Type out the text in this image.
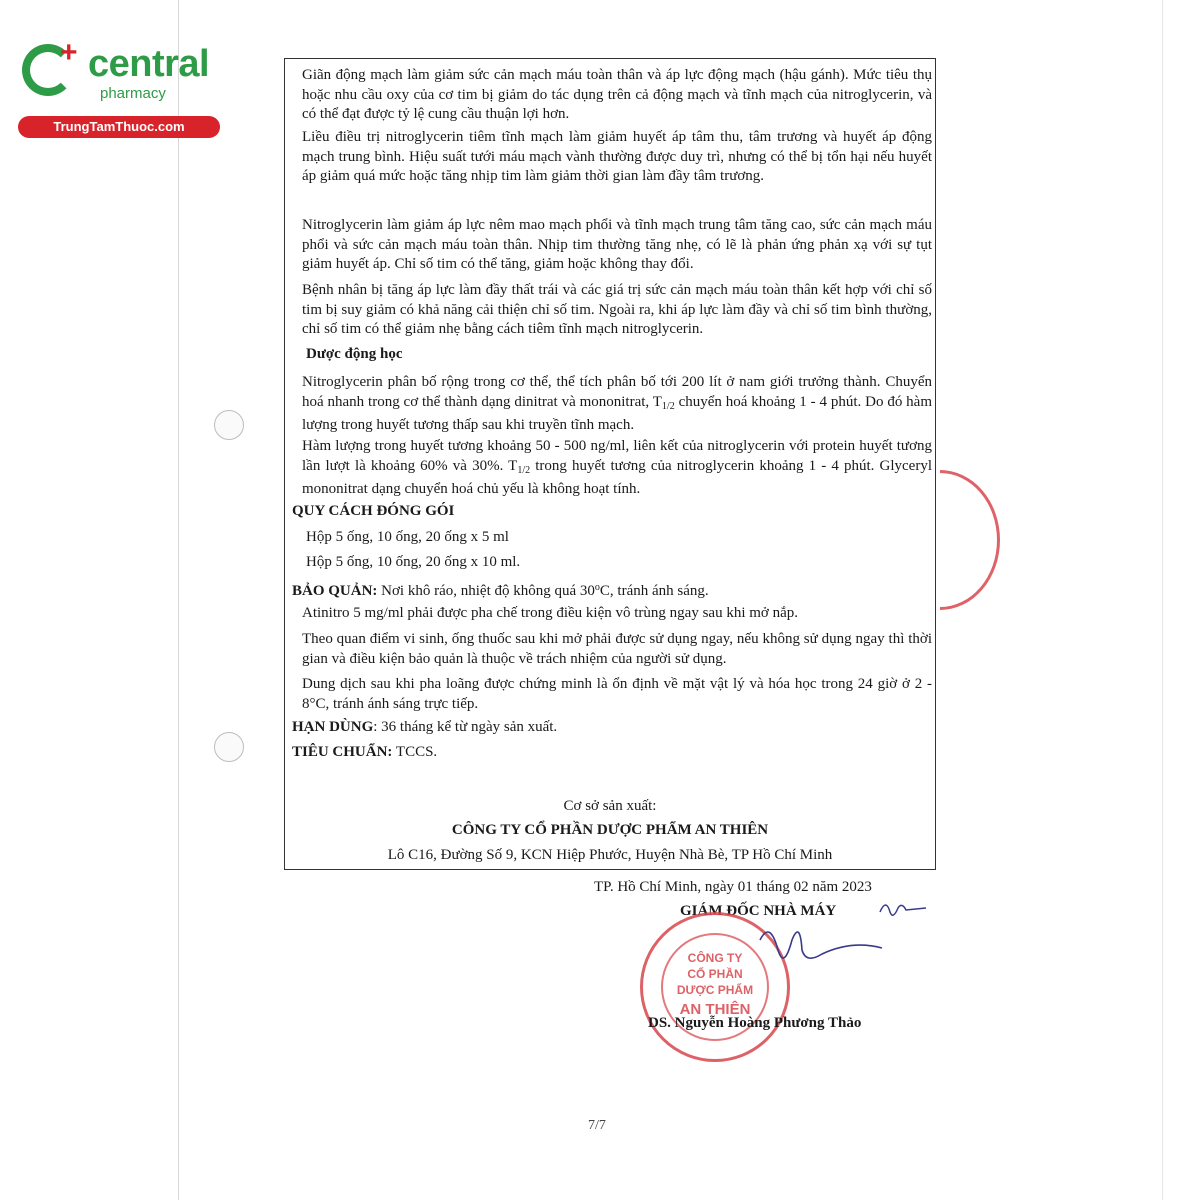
+ central
pharmacy
TrungTamThuoc.com
Giãn động mạch làm giảm sức cản mạch máu toàn thân và áp lực động mạch (hậu gánh). Mức tiêu thụ hoặc nhu cầu oxy của cơ tim bị giảm do tác dụng trên cả động mạch và tĩnh mạch của nitroglycerin, và có thể đạt được tỷ lệ cung cầu thuận lợi hơn.
Liều điều trị nitroglycerin tiêm tĩnh mạch làm giảm huyết áp tâm thu, tâm trương và huyết áp động mạch trung bình. Hiệu suất tưới máu mạch vành thường được duy trì, nhưng có thể bị tổn hại nếu huyết áp giảm quá mức hoặc tăng nhịp tim làm giảm thời gian làm đầy tâm trương.
Nitroglycerin làm giảm áp lực nêm mao mạch phổi và tĩnh mạch trung tâm tăng cao, sức cản mạch máu phổi và sức cản mạch máu toàn thân. Nhịp tim thường tăng nhẹ, có lẽ là phản ứng phản xạ với sự tụt giảm huyết áp. Chỉ số tim có thể tăng, giảm hoặc không thay đổi.
Bệnh nhân bị tăng áp lực làm đầy thất trái và các giá trị sức cản mạch máu toàn thân kết hợp với chỉ số tim bị suy giảm có khả năng cải thiện chỉ số tim. Ngoài ra, khi áp lực làm đầy và chỉ số tim bình thường, chỉ số tim có thể giảm nhẹ bằng cách tiêm tĩnh mạch nitroglycerin.
Dược động học
Nitroglycerin phân bố rộng trong cơ thể, thể tích phân bố tới 200 lít ở nam giới trưởng thành. Chuyển hoá nhanh trong cơ thể thành dạng dinitrat và mononitrat, $T_{1/2}$ chuyển hoá khoảng 1 - 4 phút. Do đó hàm lượng trong huyết tương thấp sau khi truyền tĩnh mạch.
Hàm lượng trong huyết tương khoảng 50 - 500 ng/ml, liên kết của nitroglycerin với protein huyết tương lần lượt là khoảng 60% và 30%. $T_{1/2}$ trong huyết tương của nitroglycerin khoảng 1 - 4 phút. Glyceryl mononitrat dạng chuyển hoá chủ yếu là không hoạt tính.
QUY CÁCH ĐÓNG GÓI
Hộp 5 ống, 10 ống, 20 ống x 5 ml
Hộp 5 ống, 10 ống, 20 ống x 10 ml.
BẢO QUẢN: Nơi khô ráo, nhiệt độ không quá 30$^o$C, tránh ánh sáng.
Atinitro 5 mg/ml phải được pha chế trong điều kiện vô trùng ngay sau khi mở nắp.
Theo quan điểm vi sinh, ống thuốc sau khi mở phải được sử dụng ngay, nếu không sử dụng ngay thì thời gian và điều kiện bảo quản là thuộc về trách nhiệm của người sử dụng.
Dung dịch sau khi pha loãng được chứng minh là ổn định về mặt vật lý và hóa học trong 24 giờ ở 2 - 8°C, tránh ánh sáng trực tiếp.
HẠN DÙNG: 36 tháng kể từ ngày sản xuất.
TIÊU CHUẨN: TCCS.
Cơ sở sản xuất:
CÔNG TY CỔ PHẦN DƯỢC PHẨM AN THIÊN
Lô C16, Đường Số 9, KCN Hiệp Phước, Huyện Nhà Bè, TP Hồ Chí Minh
TP. Hồ Chí Minh, ngày 01 tháng 02 năm 2023
GIÁM ĐỐC NHÀ MÁY
CÔNG TY
CỔ PHẦN
DƯỢC PHẨM
AN THIÊN
DS. Nguyễn Hoàng Phương Thảo
7/7
